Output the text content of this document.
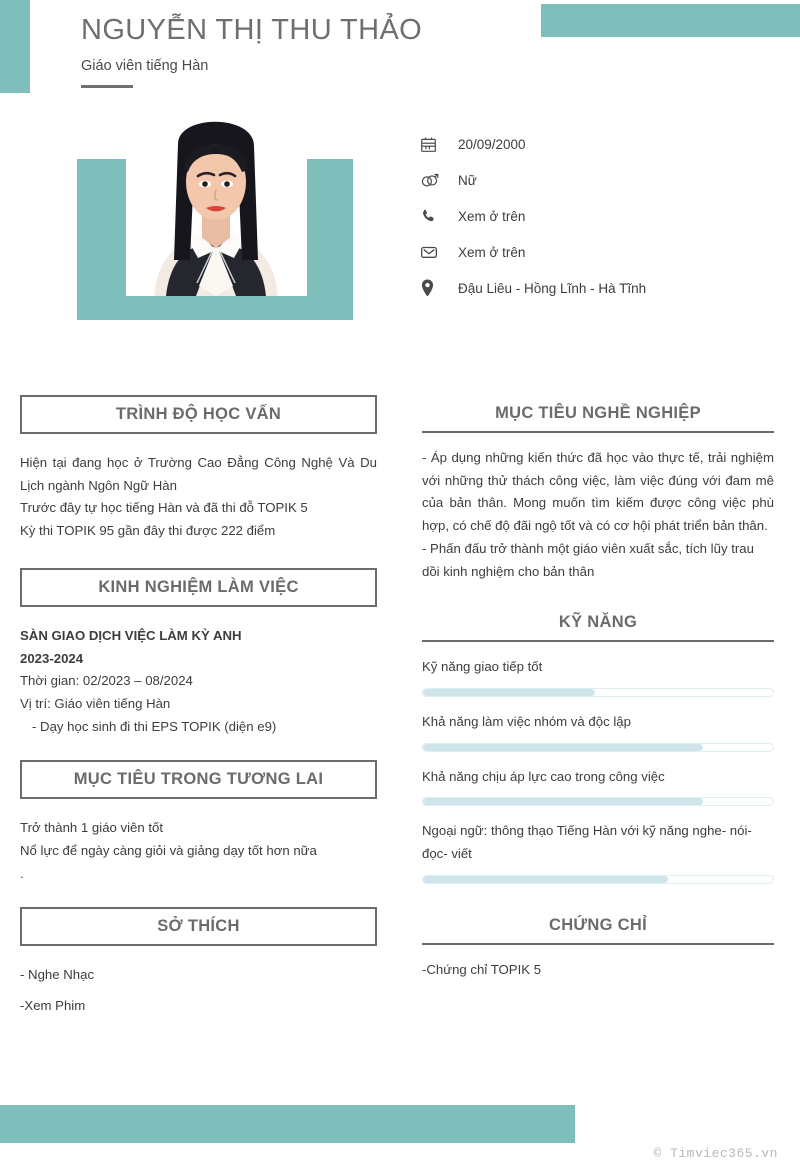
NGUYỄN THỊ THU THẢO
Giáo viên tiếng Hàn
20/09/2000
Nữ
Xem ở trên
Xem ở trên
Đậu Liêu - Hồng Lĩnh - Hà Tĩnh
TRÌNH ĐỘ HỌC VẤN
Hiện tại đang học ở Trường Cao Đẳng Công Nghệ Và Du Lịch ngành Ngôn Ngữ Hàn
Trước đây tự học tiếng Hàn và đã thi đỗ TOPIK 5
Kỳ thi TOPIK 95 gần đây thi được 222 điểm
KINH NGHIỆM LÀM VIỆC
SÀN GIAO DỊCH VIỆC LÀM KỲ ANH
2023-2024
Thời gian: 02/2023 – 08/2024
Vị trí: Giáo viên tiếng Hàn
- Dạy học sinh đi thi EPS TOPIK (diện e9)
MỤC TIÊU TRONG TƯƠNG LAI
Trở thành 1 giáo viên tốt
Nổ lực để ngày càng giỏi và giảng dạy tốt hơn nữa
.
SỞ THÍCH
- Nghe Nhạc
-Xem Phim
MỤC TIÊU NGHỀ NGHIỆP
- Áp dụng những kiến thức đã học vào thực tế, trải nghiệm với những thử thách công việc, làm việc đúng với đam mê của bản thân. Mong muốn tìm kiếm được công việc phù hợp, có chế độ đãi ngộ tốt và có cơ hội phát triển bản thân.
- Phấn đấu trở thành một giáo viên xuất sắc, tích lũy trau dồi kinh nghiệm cho bản thân
KỸ NĂNG
Kỹ năng giao tiếp tốt
Khả năng làm việc nhóm và độc lập
Khả năng chịu áp lực cao trong công việc
Ngoại ngữ: thông thạo Tiếng Hàn với kỹ năng nghe- nói- đọc- viết
CHỨNG CHỈ
-Chứng chỉ TOPIK 5
© Timviec365.vn
